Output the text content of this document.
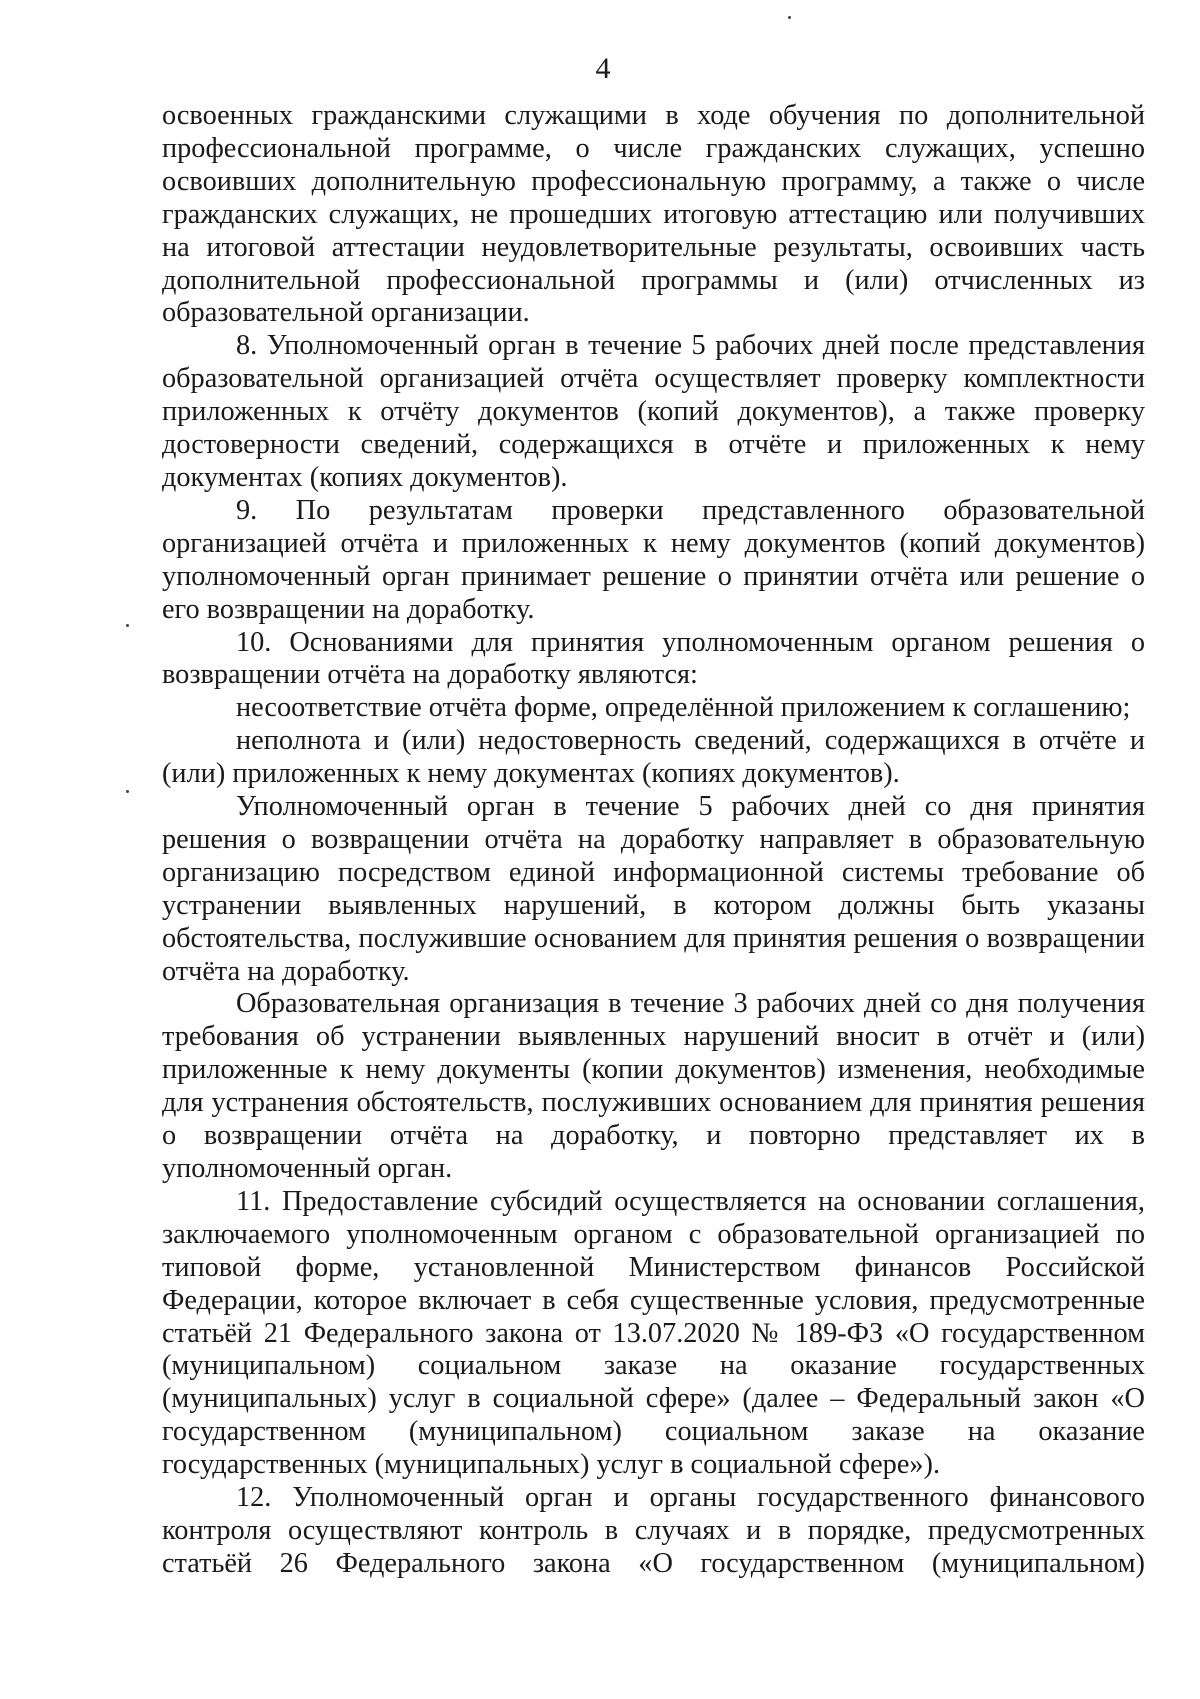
4

освоенных гражданскими служащими в ходе обучения по дополнительной профессиональной программе, о числе гражданских служащих, успешно освоивших дополнительную профессиональную программу, а также о числе гражданских служащих, не прошедших итоговую аттестацию или получивших на итоговой аттестации неудовлетворительные результаты, освоивших часть дополнительной профессиональной программы и (или) отчисленных из образовательной организации.

8. Уполномоченный орган в течение 5 рабочих дней после представления образовательной организацией отчёта осуществляет проверку комплектности приложенных к отчёту документов (копий документов), а также проверку достоверности сведений, содержащихся в отчёте и приложенных к нему документах (копиях документов).

9. По результатам проверки представленного образовательной организацией отчёта и приложенных к нему документов (копий документов) уполномоченный орган принимает решение о принятии отчёта или решение о его возвращении на доработку.

10. Основаниями для принятия уполномоченным органом решения о возвращении отчёта на доработку являются:

несоответствие отчёта форме, определённой приложением к соглашению;

неполнота и (или) недостоверность сведений, содержащихся в отчёте и (или) приложенных к нему документах (копиях документов).

Уполномоченный орган в течение 5 рабочих дней со дня принятия решения о возвращении отчёта на доработку направляет в образовательную организацию посредством единой информационной системы требование об устранении выявленных нарушений, в котором должны быть указаны обстоятельства, послужившие основанием для принятия решения о возвращении отчёта на доработку.

Образовательная организация в течение 3 рабочих дней со дня получения требования об устранении выявленных нарушений вносит в отчёт и (или) приложенные к нему документы (копии документов) изменения, необходимые для устранения обстоятельств, послуживших основанием для принятия решения о возвращении отчёта на доработку, и повторно представляет их в уполномоченный орган.

11. Предоставление субсидий осуществляется на основании соглашения, заключаемого уполномоченным органом с образовательной организацией по типовой форме, установленной Министерством финансов Российской Федерации, которое включает в себя существенные условия, предусмотренные статьёй 21 Федерального закона от 13.07.2020 № 189-ФЗ «О государственном (муниципальном) социальном заказе на оказание государственных (муниципальных) услуг в социальной сфере» (далее – Федеральный закон «О государственном (муниципальном) социальном заказе на оказание государственных (муниципальных) услуг в социальной сфере»).

12. Уполномоченный орган и органы государственного финансового контроля осуществляют контроль в случаях и в порядке, предусмотренных статьёй 26 Федерального закона «О государственном (муниципальном)
